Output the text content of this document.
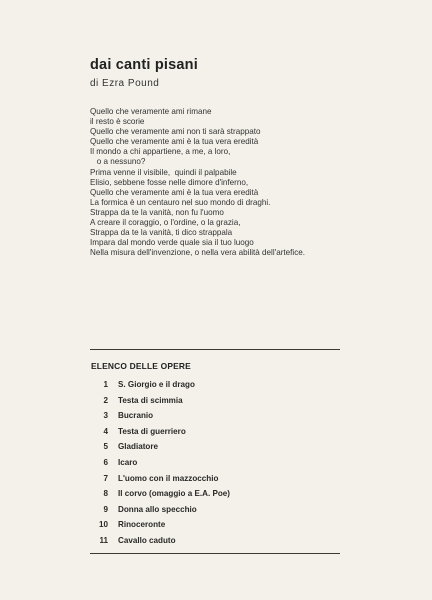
dai canti pisani

di Ezra Pound

Quello che veramente ami rimane
il resto è scorie
Quello che veramente ami non ti sarà strappato
Quello che veramente ami è la tua vera eredità
Il mondo a chi appartiene, a me, a loro,
o a nessuno?
Prima venne il visibile,  quindi il palpabile
Elisio, sebbene fosse nelle dimore d'inferno,
Quello che veramente ami è la tua vera eredità
La formica è un centauro nel suo mondo di draghi.
Strappa da te la vanità, non fu l'uomo
A creare il coraggio, o l'ordine, o la grazia,
Strappa da te la vanità, ti dico strappala
Impara dal mondo verde quale sia il tuo luogo
Nella misura dell'invenzione, o nella vera abilità dell'artefice.
ELENCO DELLE OPERE
1	S. Giorgio e il drago
2	Testa di scimmia
3	Bucranio
4	Testa di guerriero
5	Gladiatore
6	Icaro
7	L'uomo con il mazzocchio
8	Il corvo (omaggio a E.A. Poe)
9	Donna allo specchio
10	Rinoceronte
11	Cavallo caduto
